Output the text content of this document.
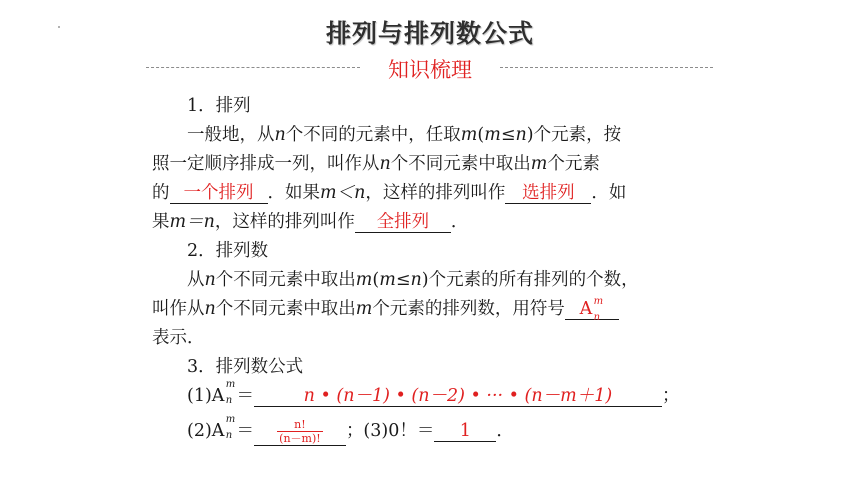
排列与排列数公式
知识梳理
1．排列
一般地，从n个不同的元素中，任取m(m≤n)个元素，按
照一定顺序排成一列，叫作从n个不同元素中取出m个元素
的 一个排列 ．如果m＜n，这样的排列叫作 选排列 ．如
果m＝n，这样的排列叫作 全排列 ．
2．排列数
从n个不同元素中取出m(m≤n)个元素的所有排列的个数，
叫作从n个不同元素中取出m个元素的排列数，用符号 A m
n
表示．
3．排列数公式
(1)A
m
n ＝	n • (n－1) • (n－2) • ··· • (n－m＋1)	；
(2)A
m
$n = \frac{n!}{(n-m)!}$ ；(3)0！＝ 1 ．
